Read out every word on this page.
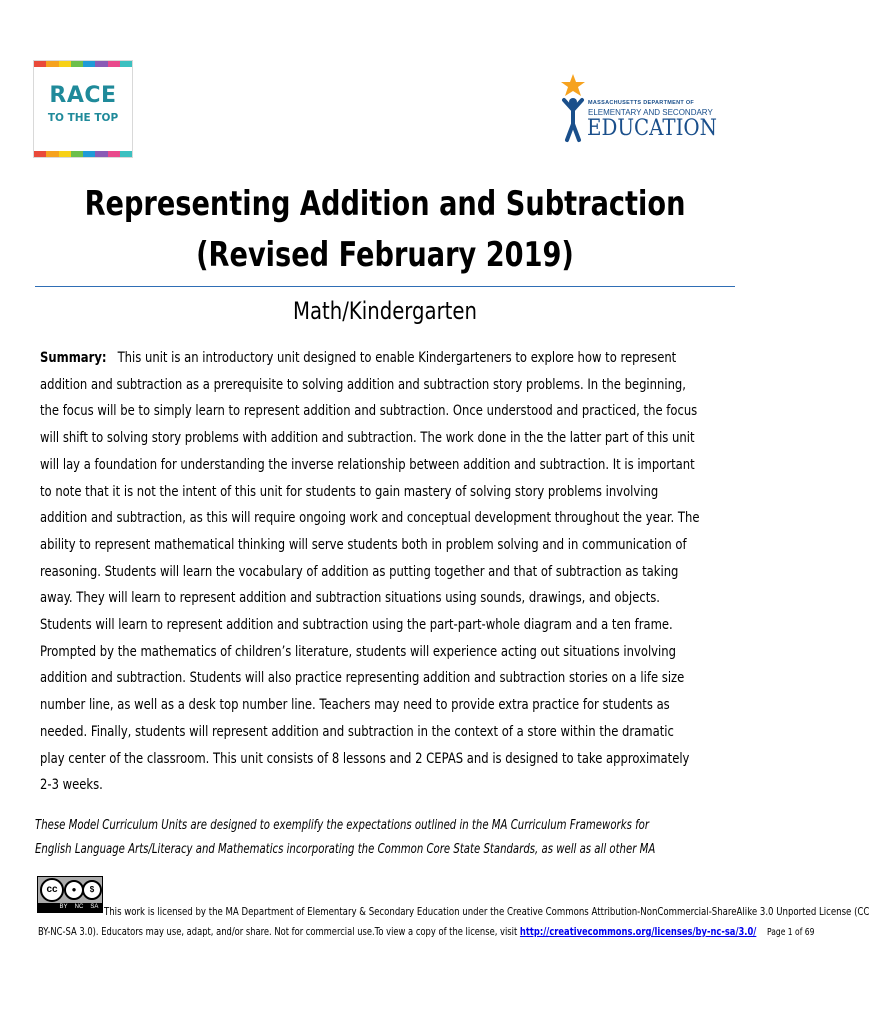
RACE
TO THE TOP
MASSACHUSETTS DEPARTMENT OF
ELEMENTARY AND SECONDARY
EDUCATION
Representing Addition and Subtraction
(Revised February 2019)
Math/Kindergarten
Summary: This unit is an introductory unit designed to enable Kindergarteners to explore how to represent
addition and subtraction as a prerequisite to solving addition and subtraction story problems. In the beginning,
the focus will be to simply learn to represent addition and subtraction. Once understood and practiced, the focus
will shift to solving story problems with addition and subtraction. The work done in the the latter part of this unit
will lay a foundation for understanding the inverse relationship between addition and subtraction. It is important
to note that it is not the intent of this unit for students to gain mastery of solving story problems involving
addition and subtraction, as this will require ongoing work and conceptual development throughout the year. The
ability to represent mathematical thinking will serve students both in problem solving and in communication of
reasoning. Students will learn the vocabulary of addition as putting together and that of subtraction as taking
away. They will learn to represent addition and subtraction situations using sounds, drawings, and objects.
Students will learn to represent addition and subtraction using the part-part-whole diagram and a ten frame.
Prompted by the mathematics of children’s literature, students will experience acting out situations involving
addition and subtraction. Students will also practice representing addition and subtraction stories on a life size
number line, as well as a desk top number line. Teachers may need to provide extra practice for students as
needed. Finally, students will represent addition and subtraction in the context of a store within the dramatic
play center of the classroom. This unit consists of 8 lessons and 2 CEPAS and is designed to take approximately
2-3 weeks.
These Model Curriculum Units are designed to exemplify the expectations outlined in the MA Curriculum Frameworks for
English Language Arts/Literacy and Mathematics incorporating the Common Core State Standards, as well as all other MA
cc	●	$
BY NC SA This work is licensed by the MA Department of Elementary & Secondary Education under the Creative Commons Attribution-NonCommercial-ShareAlike 3.0 Unported License (CC
BY-NC-SA 3.0). Educators may use, adapt, and/or share. Not for commercial use.To view a copy of the license, visit http://creativecommons.org/licenses/by-nc-sa/3.0/ Page 1 of 69
